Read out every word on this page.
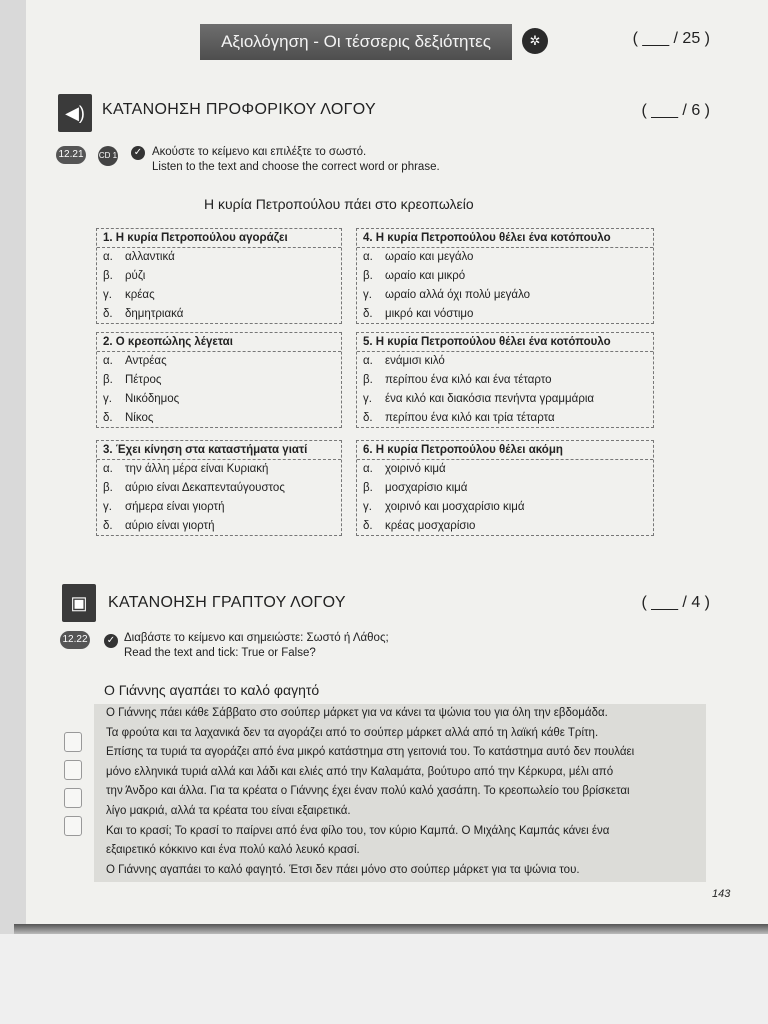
Αξιολόγηση - Οι τέσσερις δεξιότητες	✲	( ___ / 25 )
◀)	ΚΑΤΑΝΟΗΣΗ ΠΡΟΦΟΡΙΚΟΥ ΛΟΓΟΥ	( ___ / 6 )
12.21	CD 1 ✓ Ακούστε το κείμενο και επιλέξτε το σωστό.
Listen to the text and choose the correct word or phrase.
Η κυρία Πετροπούλου πάει στο κρεοπωλείο
1. Η κυρία Πετροπούλου αγοράζει
α. αλλαντικά
β. ρύζι
γ. κρέας
δ. δημητριακά
4. Η κυρία Πετροπούλου θέλει ένα κοτόπουλο
α. ωραίο και μεγάλο
β. ωραίο και μικρό
γ. ωραίο αλλά όχι πολύ μεγάλο
δ. μικρό και νόστιμο
2. Ο κρεοπώλης λέγεται
α. Αντρέας
β. Πέτρος
γ. Νικόδημος
δ. Νίκος
5. Η κυρία Πετροπούλου θέλει ένα κοτόπουλο
α. ενάμισι κιλό
β. περίπου ένα κιλό και ένα τέταρτο
γ. ένα κιλό και διακόσια πενήντα γραμμάρια
δ. περίπου ένα κιλό και τρία τέταρτα
3. Έχει κίνηση στα καταστήματα γιατί
α. την άλλη μέρα είναι Κυριακή
β. αύριο είναι Δεκαπενταύγουστος
γ. σήμερα είναι γιορτή
δ. αύριο είναι γιορτή
6. Η κυρία Πετροπούλου θέλει ακόμη
α. χοιρινό κιμά
β. μοσχαρίσιο κιμά
γ. χοιρινό και μοσχαρίσιο κιμά
δ. κρέας μοσχαρίσιο
▣	ΚΑΤΑΝΟΗΣΗ ΓΡΑΠΤΟΥ ΛΟΓΟΥ	( ___ / 4 )
12.22 ✓ Διαβάστε το κείμενο και σημειώστε: Σωστό ή Λάθος;
Read the text and tick: True or False?
Ο Γιάννης αγαπάει το καλό φαγητό

Ο Γιάννης πάει κάθε Σάββατο στο σούπερ μάρκετ για να κάνει τα ψώνια του για όλη την εβδομάδα.

Τα φρούτα και τα λαχανικά δεν τα αγοράζει από το σούπερ μάρκετ αλλά από τη λαϊκή κάθε Τρίτη.

Επίσης τα τυριά τα αγοράζει από ένα μικρό κατάστημα στη γειτονιά του. Το κατάστημα αυτό δεν πουλάει

μόνο ελληνικά τυριά αλλά και λάδι και ελιές από την Καλαμάτα, βούτυρο από την Κέρκυρα, μέλι από

την Άνδρο και άλλα. Για τα κρέατα ο Γιάννης έχει έναν πολύ καλό χασάπη. Το κρεοπωλείο του βρίσκεται

λίγο μακριά, αλλά τα κρέατα του είναι εξαιρετικά.

Και το κρασί; Το κρασί το παίρνει από ένα φίλο του, τον κύριο Καμπά. Ο Μιχάλης Καμπάς κάνει ένα

εξαιρετικό κόκκινο και ένα πολύ καλό λευκό κρασί.

Ο Γιάννης αγαπάει το καλό φαγητό. Έτσι δεν πάει μόνο στο σούπερ μάρκετ για τα ψώνια του.

143
